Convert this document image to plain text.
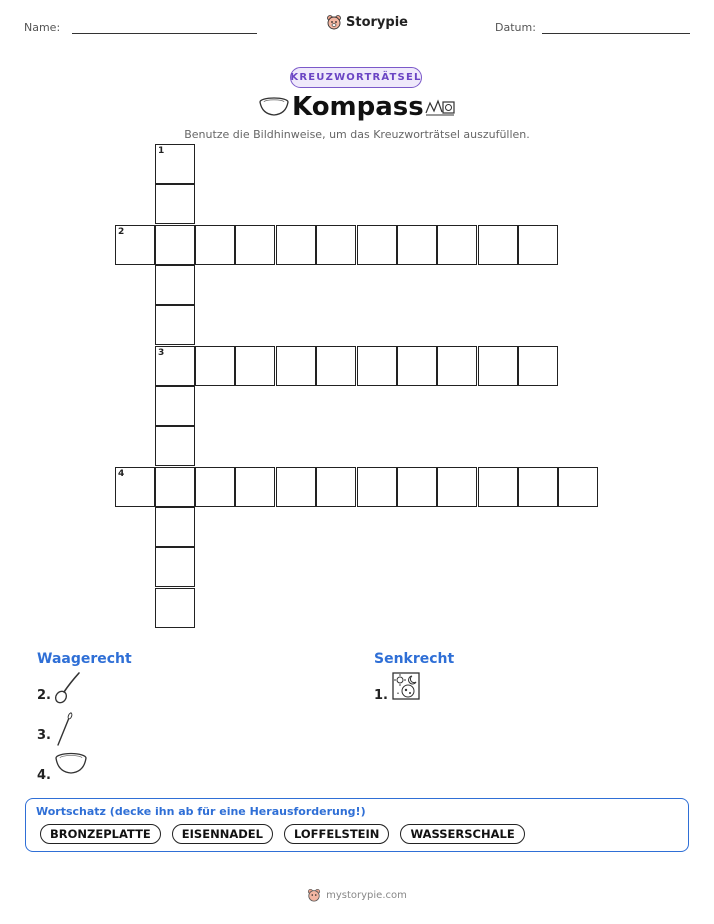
Name:	Storypie	Datum:
KREUZWORTRÄTSEL
Kompass
Benutze die Bildhinweise, um das Kreuzworträtsel auszufüllen.
1
3
2
4
Waagerecht
2.
3.
4.
Senkrecht
1.
Wortschatz (decke ihn ab für eine Herausforderung!)
BRONZEPLATTE	EISENNADEL	LOFFELSTEIN	WASSERSCHALE
mystorypie.com
